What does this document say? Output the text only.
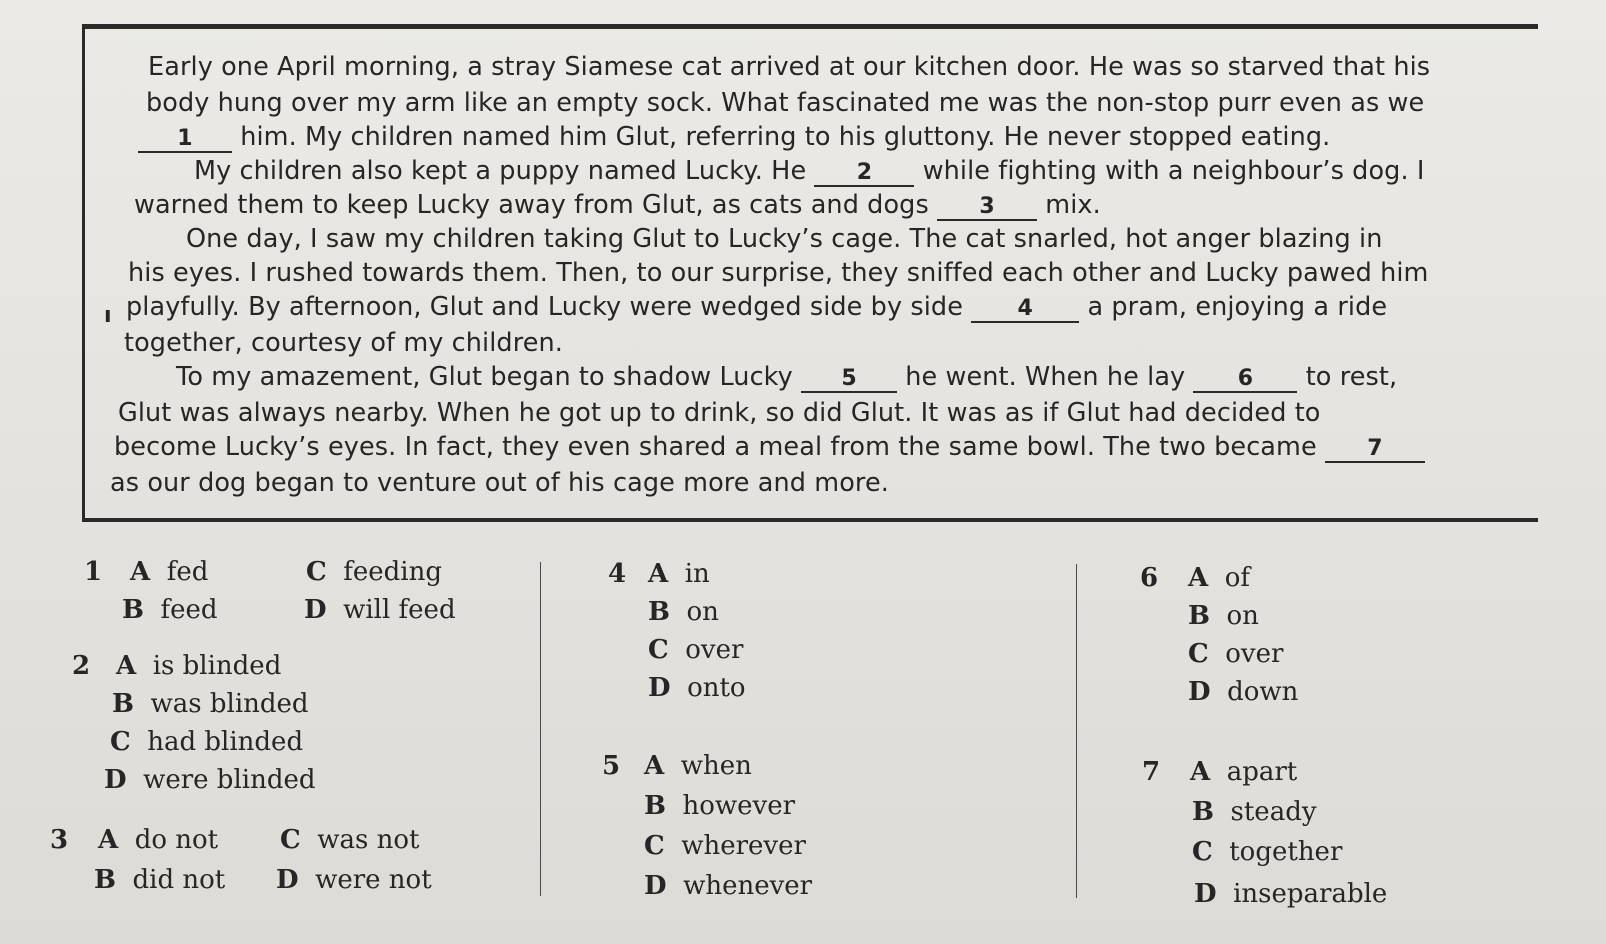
Early one April morning, a stray Siamese cat arrived at our kitchen door. He was so starved that his
body hung over my arm like an empty sock. What fascinated me was the non-stop purr even as we
1 him. My children named him Glut, referring to his gluttony. He never stopped eating.
My children also kept a puppy named Lucky. He 2 while fighting with a neighbour’s dog. I
warned them to keep Lucky away from Glut, as cats and dogs 3 mix.
One day, I saw my children taking Glut to Lucky’s cage. The cat snarled, hot anger blazing in
his eyes. I rushed towards them. Then, to our surprise, they sniffed each other and Lucky pawed him
ı playfully. By afternoon, Glut and Lucky were wedged side by side 4 a pram, enjoying a ride
together, courtesy of my children.
To my amazement, Glut began to shadow Lucky 5 he went. When he lay 6 to rest,
Glut was always nearby. When he got up to drink, so did Glut. It was as if Glut had decided to
become Lucky’s eyes. In fact, they even shared a meal from the same bowl. The two became 7
as our dog began to venture out of his cage more and more.
1 A fed	C feeding
B feed	D will feed
2 A is blinded
B was blinded
C had blinded
D were blinded
3 A do not C was not
B did not D were not
4 A in
B on
C over
D onto
5 A when
B however
C wherever
D whenever
6 A of
B on
C over
D down
7 A apart
B steady
C together
D inseparable
